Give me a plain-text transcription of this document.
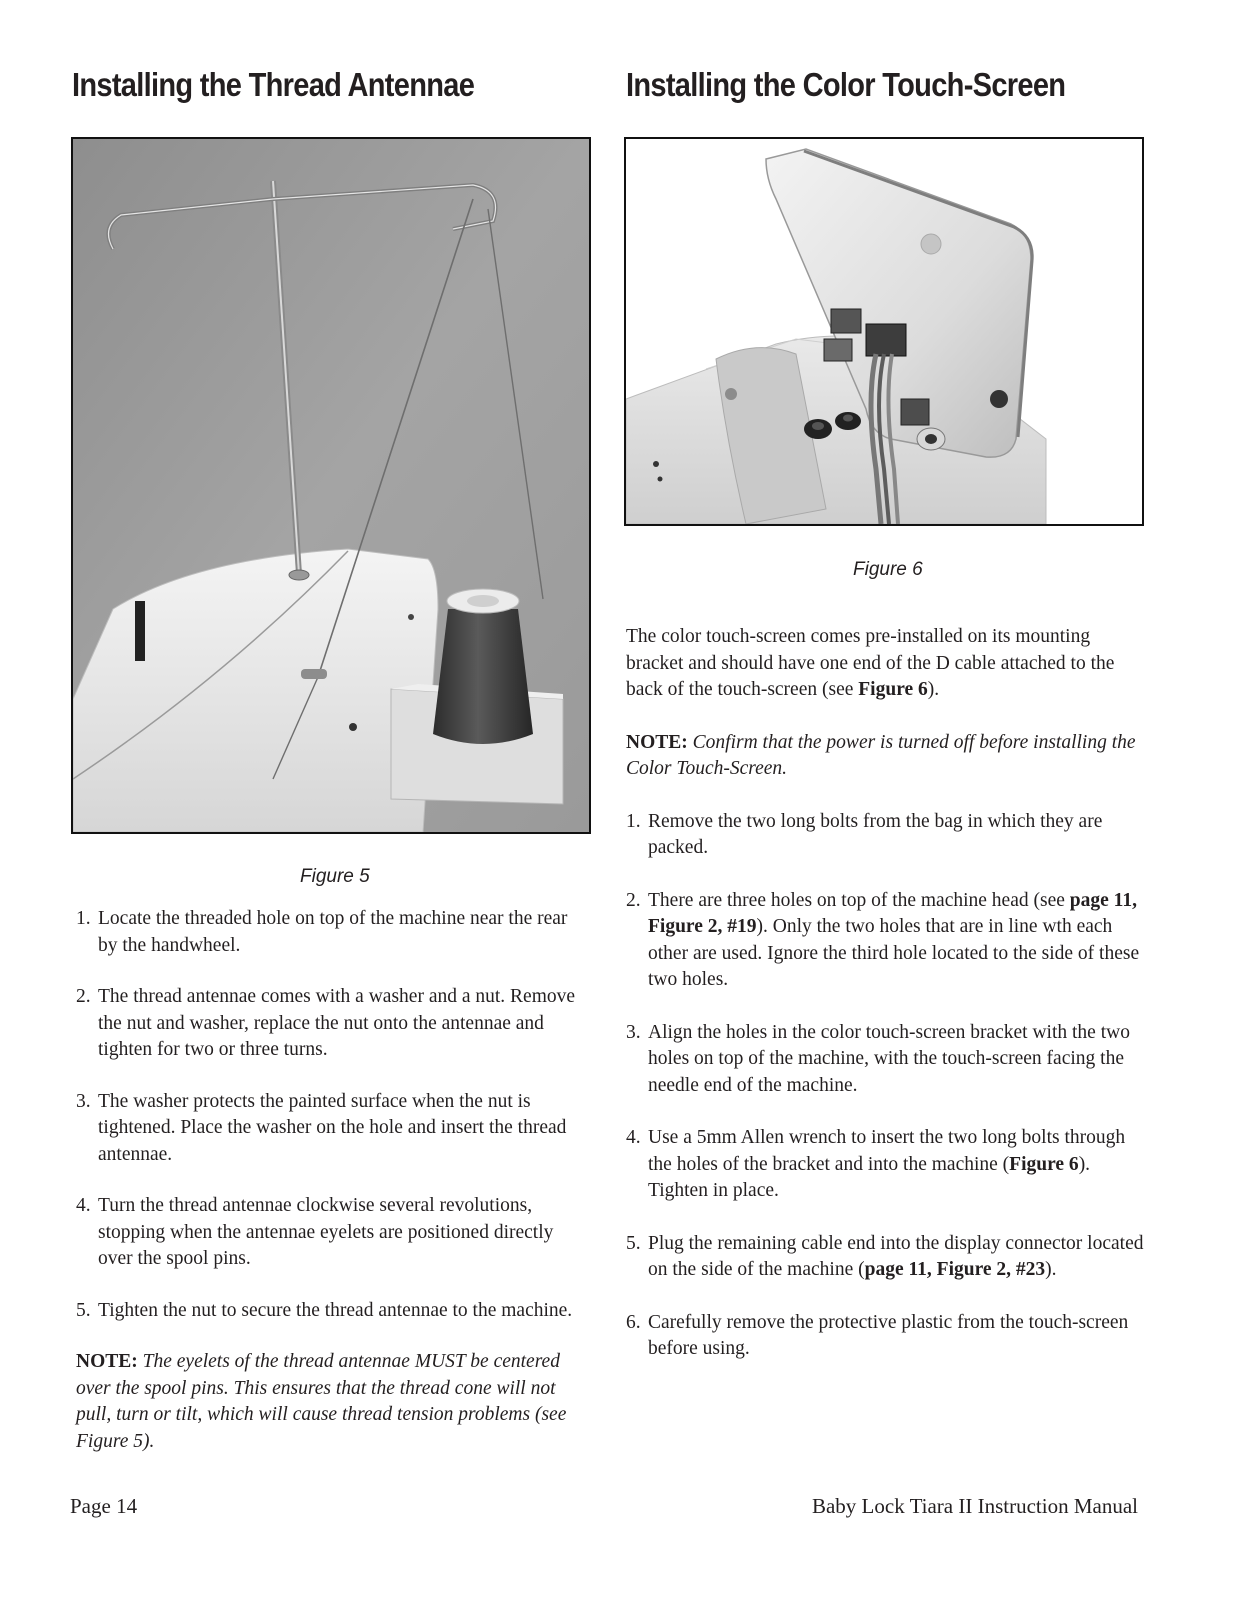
Installing the Thread Antennae	Installing the Color Touch-Screen

Figure 5

Figure 6

1. Locate the threaded hole on top of the machine near the rear by the handwheel.
2. The thread antennae comes with a washer and a nut. Remove the nut and washer, replace the nut onto the antennae and tighten for two or three turns.
3. The washer protects the painted surface when the nut is tightened. Place the washer on the hole and insert the thread antennae.
4. Turn the thread antennae clockwise several revolutions, stopping when the antennae eyelets are positioned directly over the spool pins.
5. Tighten the nut to secure the thread antennae to the machine.

NOTE: The eyelets of the thread antennae MUST be centered over the spool pins. This ensures that the thread cone will not pull, turn or tilt, which will cause thread tension problems (see Figure 5).

The color touch-screen comes pre-installed on its mounting bracket and should have one end of the D cable attached to the back of the touch-screen (see Figure 6).

NOTE: Confirm that the power is turned off before installing the Color Touch-Screen.

1. Remove the two long bolts from the bag in which they are packed.
2. There are three holes on top of the machine head (see page 11, Figure 2, #19). Only the two holes that are in line wth each other are used. Ignore the third hole located to the side of these two holes.
3. Align the holes in the color touch-screen bracket with the two holes on top of the machine, with the touch-screen facing the needle end of the machine.
4. Use a 5mm Allen wrench to insert the two long bolts through the holes of the bracket and into the machine (Figure 6). Tighten in place.
5. Plug the remaining cable end into the display connector located on the side of the machine (page 11, Figure 2, #23).
6. Carefully remove the protective plastic from the touch-screen before using.

Page 14	Baby Lock Tiara II Instruction Manual
